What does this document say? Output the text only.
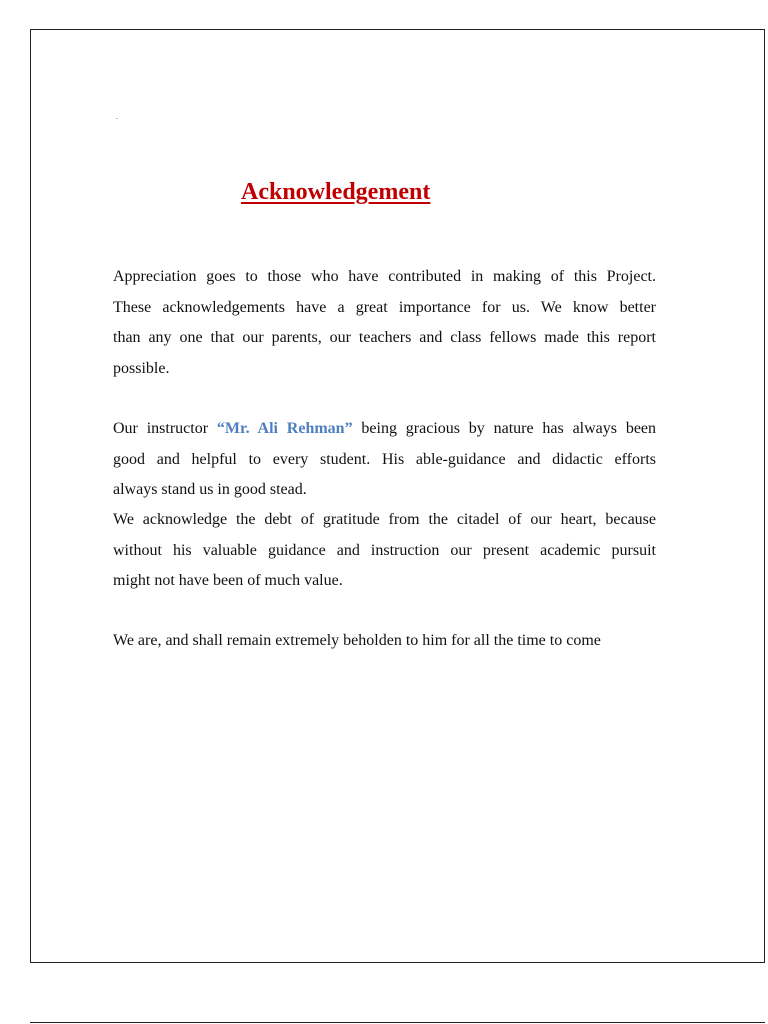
.
Acknowledgement
Appreciation goes to those who have contributed in making of this Project.
These acknowledgements have a great importance for us. We know better
than any one that our parents, our teachers and class fellows made this report
possible.
Our instructor “Mr. Ali Rehman” being gracious by nature has always been
good and helpful to every student. His able-guidance and didactic efforts
always stand us in good stead.
We acknowledge the debt of gratitude from the citadel of our heart, because
without his valuable guidance and instruction our present academic pursuit
might not have been of much value.
We are, and shall remain extremely beholden to him for all the time to come
